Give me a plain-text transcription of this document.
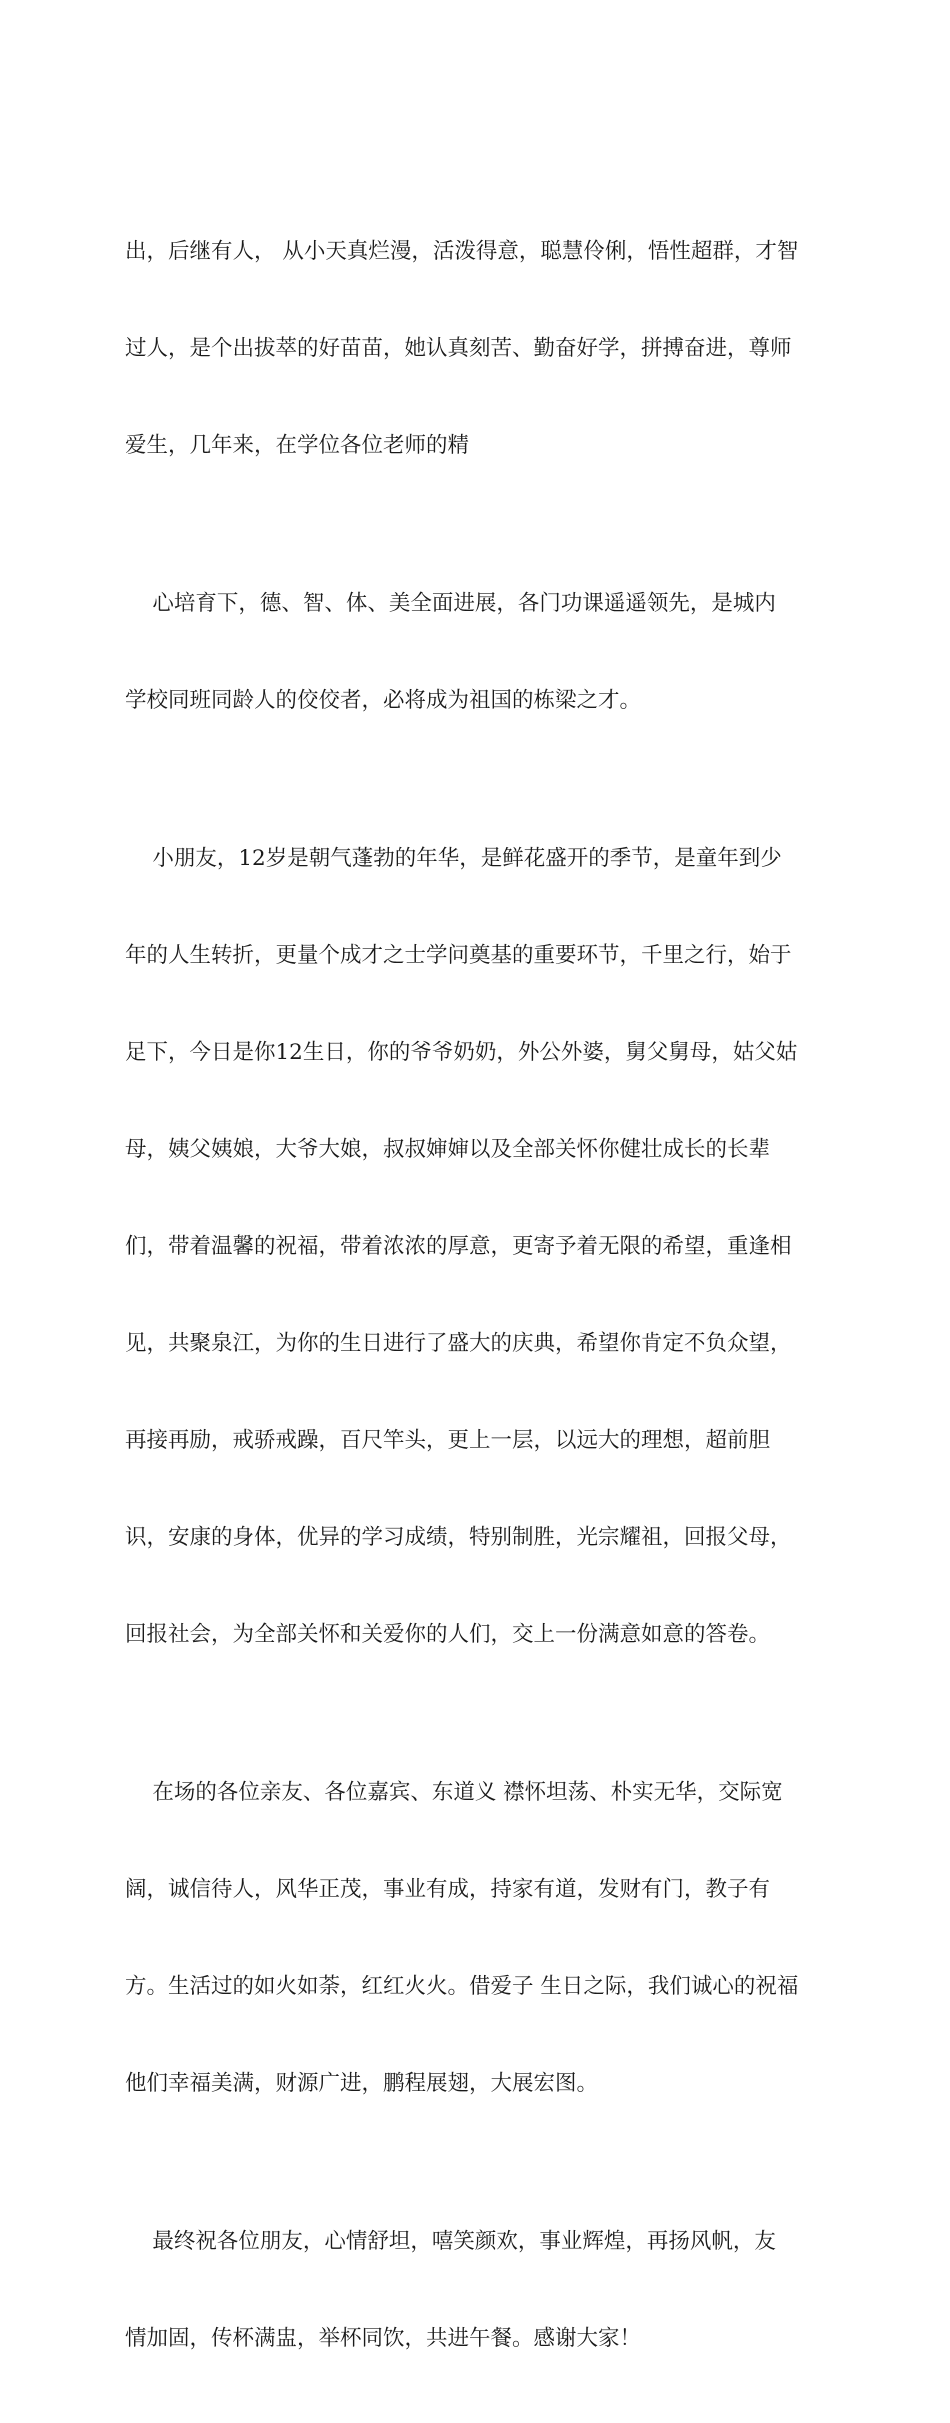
出，后继有人， 从小天真烂漫，活泼得意，聪慧伶俐，悟性超群，才智

过人，是个出拔萃的好苗苗，她认真刻苦、勤奋好学，拼搏奋进，尊师

爱生，几年来，在学位各位老师的精

心培育下，德、智、体、美全面进展，各门功课遥遥领先，是城内

学校同班同龄人的佼佼者，必将成为祖国的栋梁之才。

小朋友，12岁是朝气蓬勃的年华，是鲜花盛开的季节，是童年到少

年的人生转折，更量个成才之士学问奠基的重要环节，千里之行，始于

足下，今日是你12生日，你的爷爷奶奶，外公外婆，舅父舅母，姑父姑

母，姨父姨娘，大爷大娘，叔叔婶婶以及全部关怀你健壮成长的长辈

们，带着温馨的祝福，带着浓浓的厚意，更寄予着无限的希望，重逢相

见，共聚泉江，为你的生日进行了盛大的庆典，希望你肯定不负众望，

再接再励，戒骄戒躁，百尺竿头，更上一层，以远大的理想，超前胆

识，安康的身体，优异的学习成绩，特别制胜，光宗耀祖，回报父母，

回报社会，为全部关怀和关爱你的人们，交上一份满意如意的答卷。

在场的各位亲友、各位嘉宾、东道义 襟怀坦荡、朴实无华，交际宽

阔，诚信待人，风华正茂，事业有成，持家有道，发财有门，教子有

方。生活过的如火如荼，红红火火。借爱子 生日之际，我们诚心的祝福

他们幸福美满，财源广进，鹏程展翅，大展宏图。

最终祝各位朋友，心情舒坦，嘻笑颜欢，事业辉煌，再扬风帆，友

情加固，传杯满盅，举杯同饮，共进午餐。感谢大家！
